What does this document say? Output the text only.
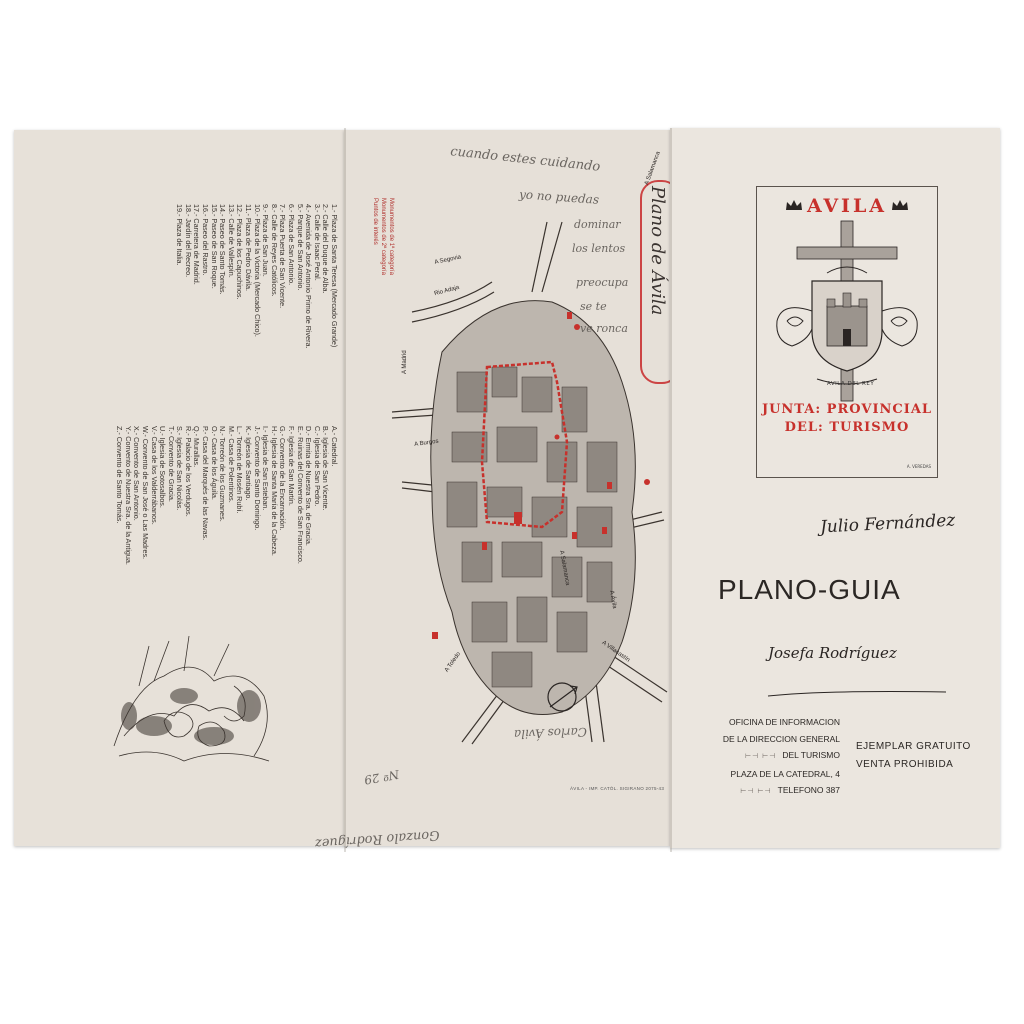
1.- Plaza de Santa Teresa (Mercado Grande)
2.- Calle del Duque de Alba.
3.- Calle de Isaac Peral.
4.- Avenida de José Antonio Primo de Rivera.
5.- Parque de San Antonio.
6.- Plaza de San Antonio.
7.- Plaza Puerta de San Vicente.
8.- Calle de Reyes Católicos.
9.- Plaza de San Juan.
10.- Plaza de la Victoria (Mercado Chico).
11.- Plaza de Pedro Dávila.
12.- Plaza de los Capuchinos.
13.- Calle de Vallespín.
14.- Paseo de Santo Tomás.
15.- Paseo de San Roque.
16.- Paseo del Rastro.
17.- Carretera de Madrid.
18.- Jardín del Recreo.
19.- Plaza de Italia.
A.- Catedral.
B.- Iglesia de San Vicente.
C.- Iglesia de San Pedro.
D.- Ermita de Nuestra Sra. de Gracia.
E.- Ruinas del Convento de San Francisco.
F.- Iglesia de San Martín.
G.- Convento de la Encarnación.
H.- Iglesia de Santa María de la Cabeza.
I.- Iglesia de San Esteban.
J.- Convento de Santo Domingo.
K.- Iglesia de Santiago.
L.- Torreón de Mosén Rubí.
M.- Casa de Polentinos.
N.- Torreón de los Guzmanes.
O.- Casa de los Águila.
P.- Casa del Marqués de las Navas.
Q.- Murallas.
R.- Palacio de los Verdugos.
S.- Iglesia de San Nicolás.
T.- Convento de Gracia.
U.- Iglesia de Sotosalbos.
V.- Casa de los Valderrábanos.
W.- Convento de San José o Las Madres.
X.- Convento de San Antonio.
Y.- Convento de Nuestra Sra. de la Antigua.
Z.- Convento de Santo Tomás.
Monumentos de 1ª categoría
Monumentos de 2ª categoría
Puntos de interés	Plano de Ávila
cuando estes cuidando
yo no puedas
dominar
los lentos
preocupa
se te
ve ronca
Gonzalo Rodríguez
Carlos Ávila
Nº 29
ÁVILA - IMP. CATÓL. SIGIRANO 2075-43
A Salamanca
A Segovia
A Madrid
A Burgos
A Ávila
A Toledo	A Villacastín
A Salamanca
Rio Adaja
AVILA
AVILA DEL REY
JUNTA: PROVINCIAL
DEL: TURISMO
A. VEREDAS
Julio Fernández
PLANO-GUIA
Josefa Rodríguez
OFICINA DE INFORMACION
DE LA DIRECCION GENERAL
⊢⊣ ⊢⊣ DEL TURISMO
PLAZA DE LA CATEDRAL, 4
⊢⊣ ⊢⊣ TELEFONO 387
EJEMPLAR GRATUITO
VENTA PROHIBIDA
